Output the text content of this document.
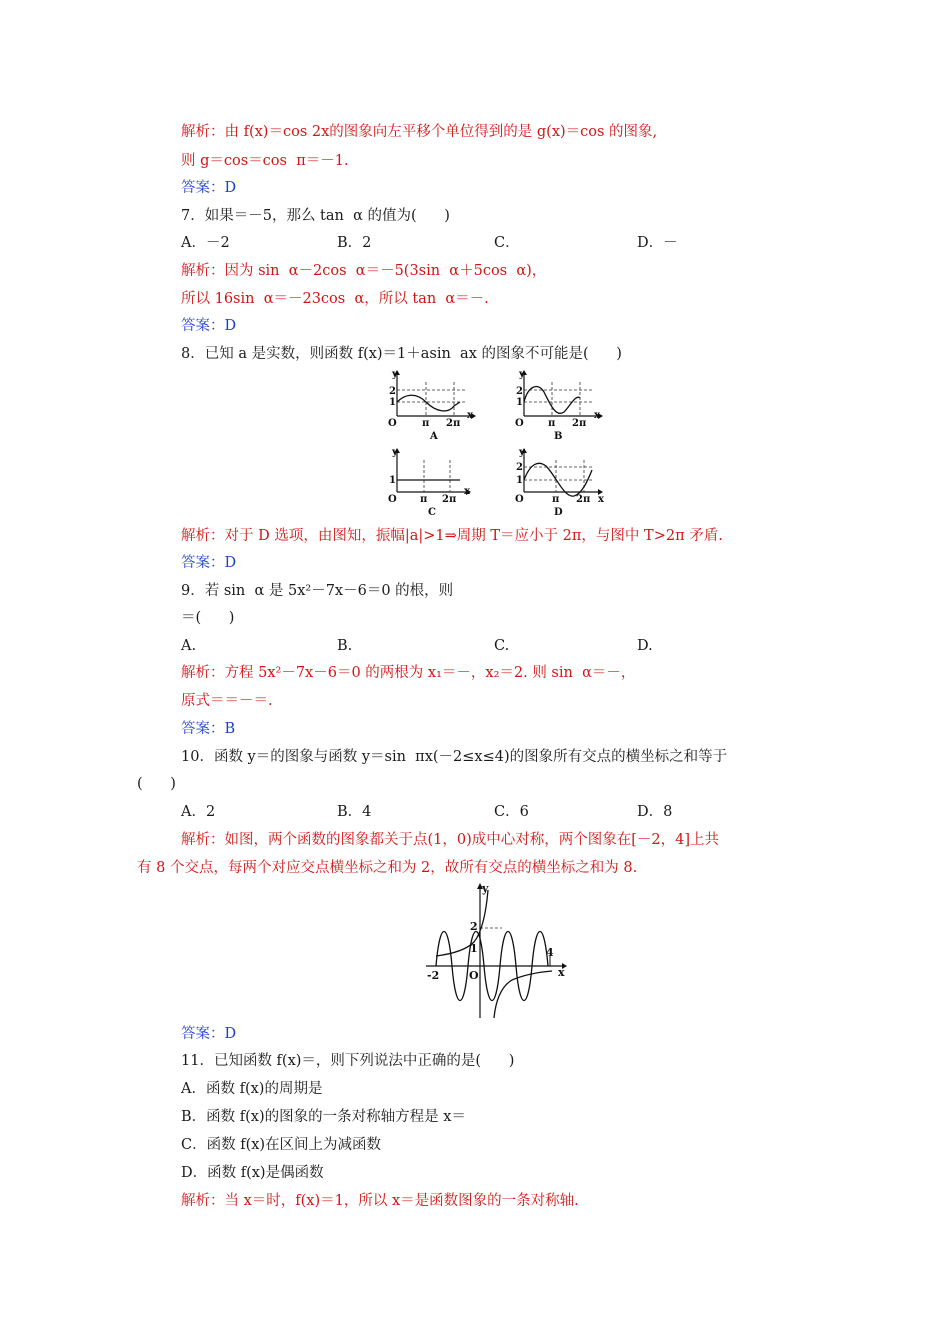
解析：由 f(x)＝cos 2x的图象向左平移个单位得到的是 g(x)＝cos 的图象,
则 g＝cos＝cos  π＝－1.
答案：D
7．如果＝－5，那么 tan  α 的值为(      )
A．－2	B．2	C．	D．－
解析：因为 sin  α－2cos  α＝－5(3sin  α＋5cos  α)，
所以 16sin  α＝－23cos  α，所以 tan  α＝－.
答案：D
8．已知 a 是实数，则函数 f(x)＝1＋asin  ax 的图象不可能是(      )
y
2
1
O	π 2π
x
A
y
2
1
O π 2π
x
B
y
1
O π 2π
x
C
y
2
1
O	π 2π x
D
解析：对于 D 选项，由图知，振幅|a|>1⇒周期 T＝应小于 2π，与图中 T>2π 矛盾.
答案：D
9．若 sin  α 是 5x²－7x－6＝0 的根，则
＝(      )
A.	B.	C.	D.
解析：方程 5x²－7x－6＝0 的两根为 x₁＝－，x₂＝2. 则 sin  α＝－，
原式＝＝－＝.
答案：B
10．函数 y＝的图象与函数 y＝sin  πx(－2≤x≤4)的图象所有交点的横坐标之和等于
(      )
A．2	B．4	C．6	D．8
解析：如图，两个函数的图象都关于点(1，0)成中心对称，两个图象在[－2，4]上共
有 8 个交点，每两个对应交点横坐标之和为 2，故所有交点的横坐标之和为 8.
y
x
O
-2
2
1	4
答案：D
11．已知函数 f(x)＝，则下列说法中正确的是(      )
A．函数 f(x)的周期是
B．函数 f(x)的图象的一条对称轴方程是 x＝
C．函数 f(x)在区间上为减函数
D．函数 f(x)是偶函数
解析：当 x＝时，f(x)＝1，所以 x＝是函数图象的一条对称轴.
